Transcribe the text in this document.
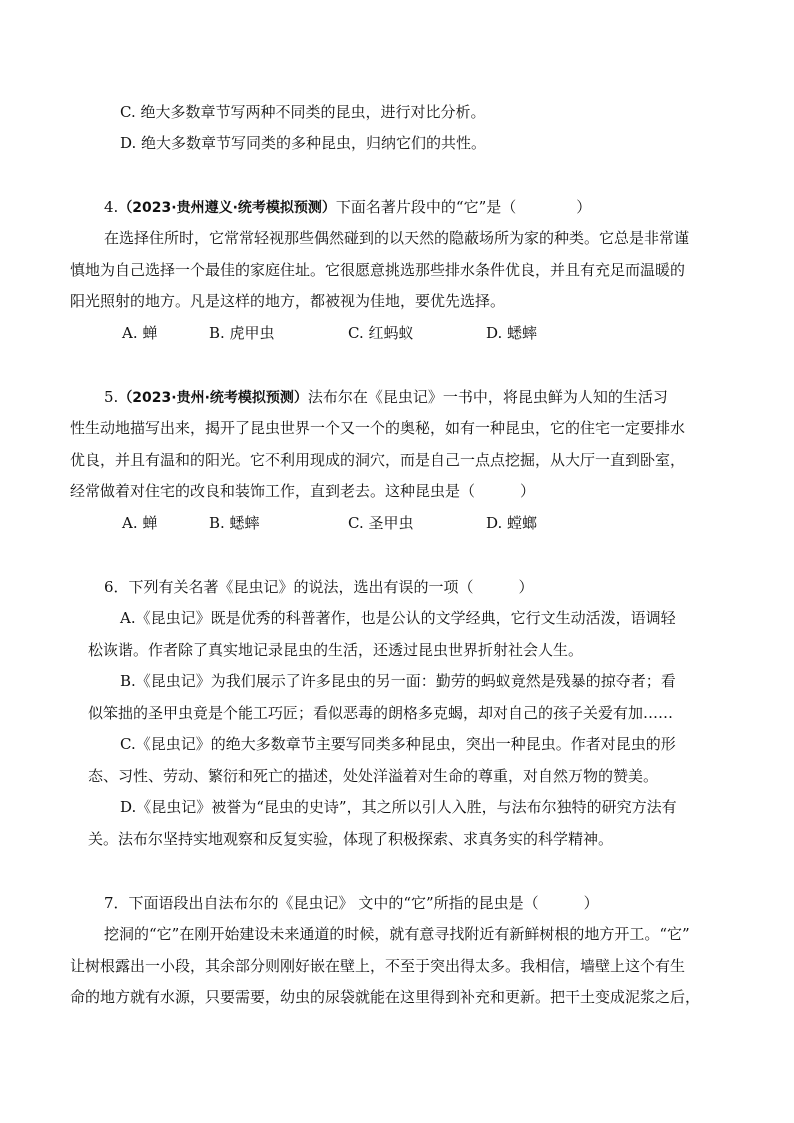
C. 绝大多数章节写两种不同类的昆虫，进行对比分析。
D. 绝大多数章节写同类的多种昆虫，归纳它们的共性。
4.（2023·贵州遵义·统考模拟预测）下面名著片段中的“它”是（　　　　）
在选择住所时，它常常轻视那些偶然碰到的以天然的隐蔽场所为家的种类。它总是非常谨
慎地为自己选择一个最佳的家庭住址。它很愿意挑选那些排水条件优良，并且有充足而温暖的
阳光照射的地方。凡是这样的地方，都被视为佳地，要优先选择。
A. 蝉	B. 虎甲虫	C. 红蚂蚁	D. 蟋蟀
5.（2023·贵州·统考模拟预测）法布尔在《昆虫记》一书中，将昆虫鲜为人知的生活习
性生动地描写出来，揭开了昆虫世界一个又一个的奥秘，如有一种昆虫，它的住宅一定要排水
优良，并且有温和的阳光。它不利用现成的洞穴，而是自己一点点挖掘，从大厅一直到卧室，
经常做着对住宅的改良和装饰工作，直到老去。这种昆虫是（　　　）
A. 蝉	B. 蟋蟀	C. 圣甲虫	D. 螳螂
6．下列有关名著《昆虫记》的说法，选出有误的一项（　　　）
A.《昆虫记》既是优秀的科普著作，也是公认的文学经典，它行文生动活泼，语调轻
松诙谐。作者除了真实地记录昆虫的生活，还透过昆虫世界折射社会人生。
B.《昆虫记》为我们展示了许多昆虫的另一面：勤劳的蚂蚁竟然是残暴的掠夺者；看
似笨拙的圣甲虫竟是个能工巧匠；看似恶毒的朗格多克蝎，却对自己的孩子关爱有加……
C.《昆虫记》的绝大多数章节主要写同类多种昆虫，突出一种昆虫。作者对昆虫的形
态、习性、劳动、繁衍和死亡的描述，处处洋溢着对生命的尊重，对自然万物的赞美。
D.《昆虫记》被誉为“昆虫的史诗”，其之所以引人入胜，与法布尔独特的研究方法有
关。法布尔坚持实地观察和反复实验，体现了积极探索、求真务实的科学精神。
7．下面语段出自法布尔的《昆虫记》 文中的“它”所指的昆虫是（　　　）
挖洞的“它”在刚开始建设未来通道的时候，就有意寻找附近有新鲜树根的地方开工。“它”
让树根露出一小段，其余部分则刚好嵌在壁上，不至于突出得太多。我相信，墙壁上这个有生
命的地方就有水源，只要需要，幼虫的尿袋就能在这里得到补充和更新。把干土变成泥浆之后，
